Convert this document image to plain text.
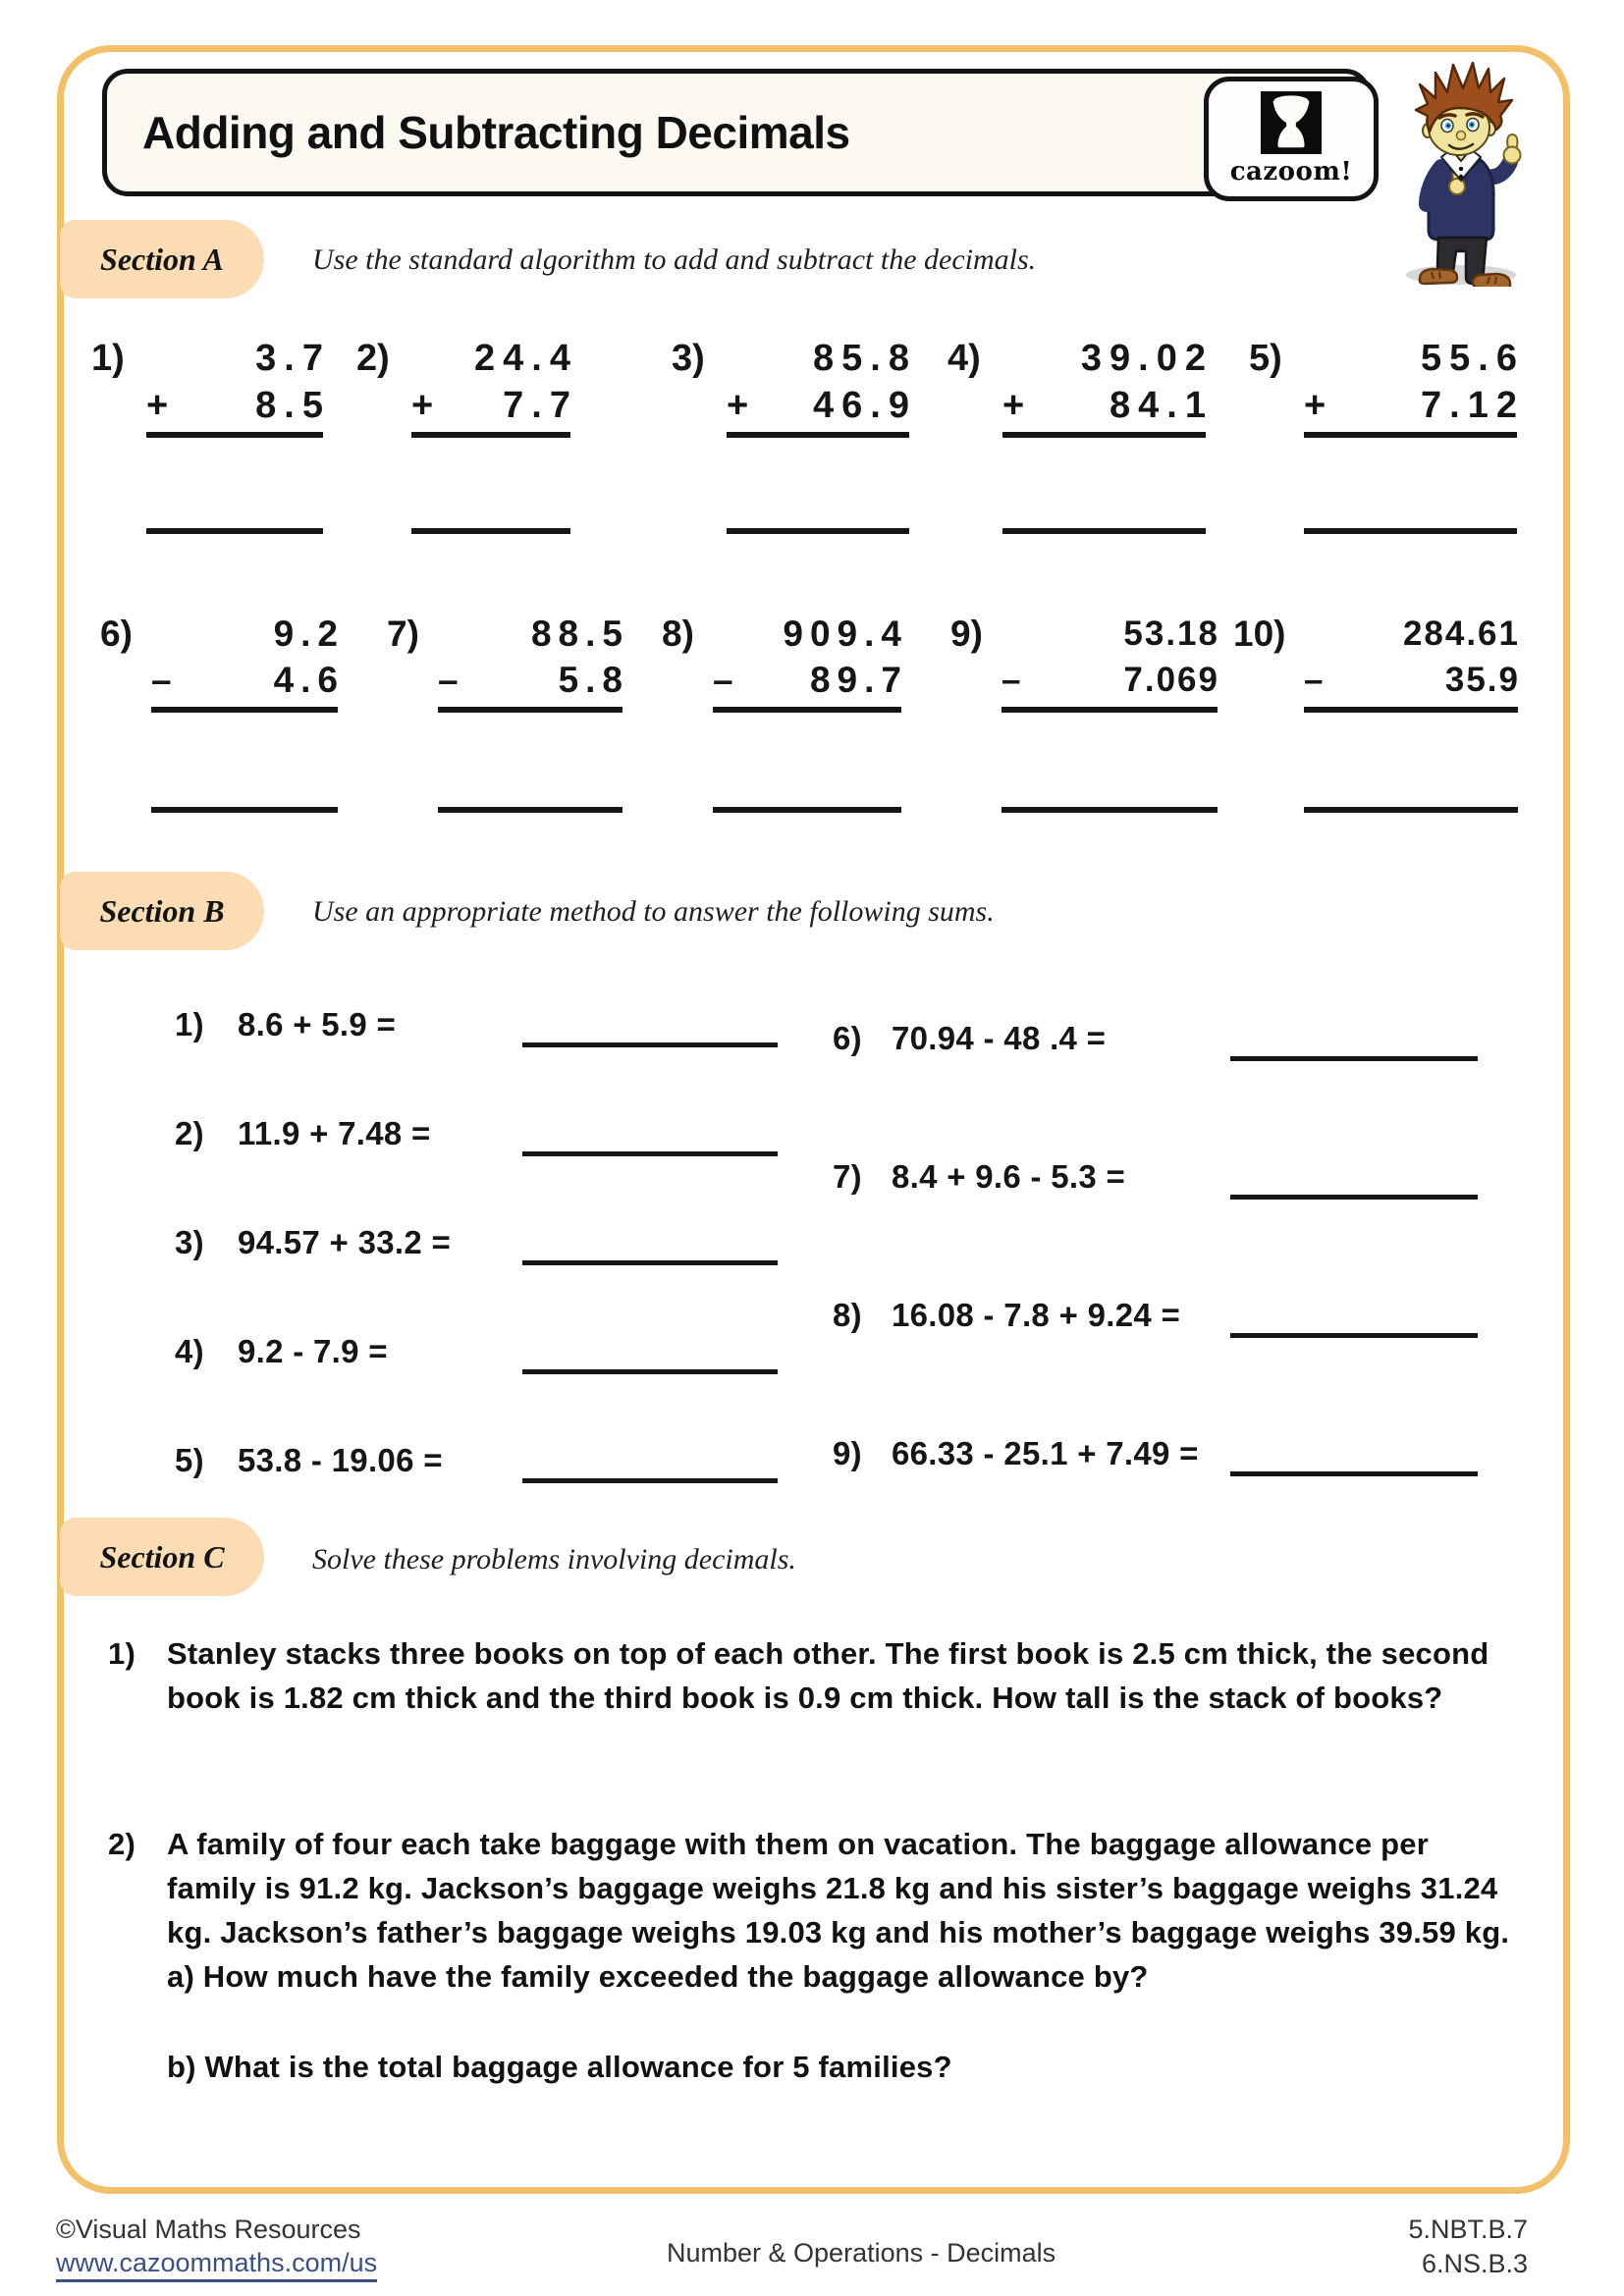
Adding and Subtracting Decimals
cazoom!
Section A	Use the standard algorithm to add and subtract the decimals.
1)	3.7
+ 8.5
2)	24.4
+ 7.7
3)	85.8
+ 46.9
4)	39.02
+ 84.1
5)	55.6
+ 7.12
6)	9.2
–	4.6
7)	88.5
–	5.8
8)	909.4
– 89.7
9)	53.18
–	7.069
10)	284.61
–	35.9
Section B	Use an appropriate method to answer the following sums.
1)	8.6 + 5.9 =
2)	11.9 + 7.48 =
3)	94.57 + 33.2 =
4)	9.2 - 7.9 =
5)	53.8 - 19.06 =
6) 70.94 - 48 .4 =
7) 8.4 + 9.6 - 5.3 =
8) 16.08 - 7.8 + 9.24 =
9) 66.33 - 25.1 + 7.49 =
Section C	Solve these problems involving decimals.
1)	Stanley stacks three books on top of each other. The first book is 2.5 cm thick, the second book is 1.82 cm thick and the third book is 0.9 cm thick. How tall is the stack of books?
2)	A family of four each take baggage with them on vacation. The baggage allowance per family is 91.2 kg. Jackson’s baggage weighs 21.8 kg and his sister’s baggage weighs 31.24 kg. Jackson’s father’s baggage weighs 19.03 kg and his mother’s baggage weighs 39.59 kg.
a) How much have the family exceeded the baggage allowance by?
b) What is the total baggage allowance for 5 families?
©Visual Maths Resources
www.cazoommaths.com/us	Number & Operations - Decimals
5.NBT.B.7
6.NS.B.3
